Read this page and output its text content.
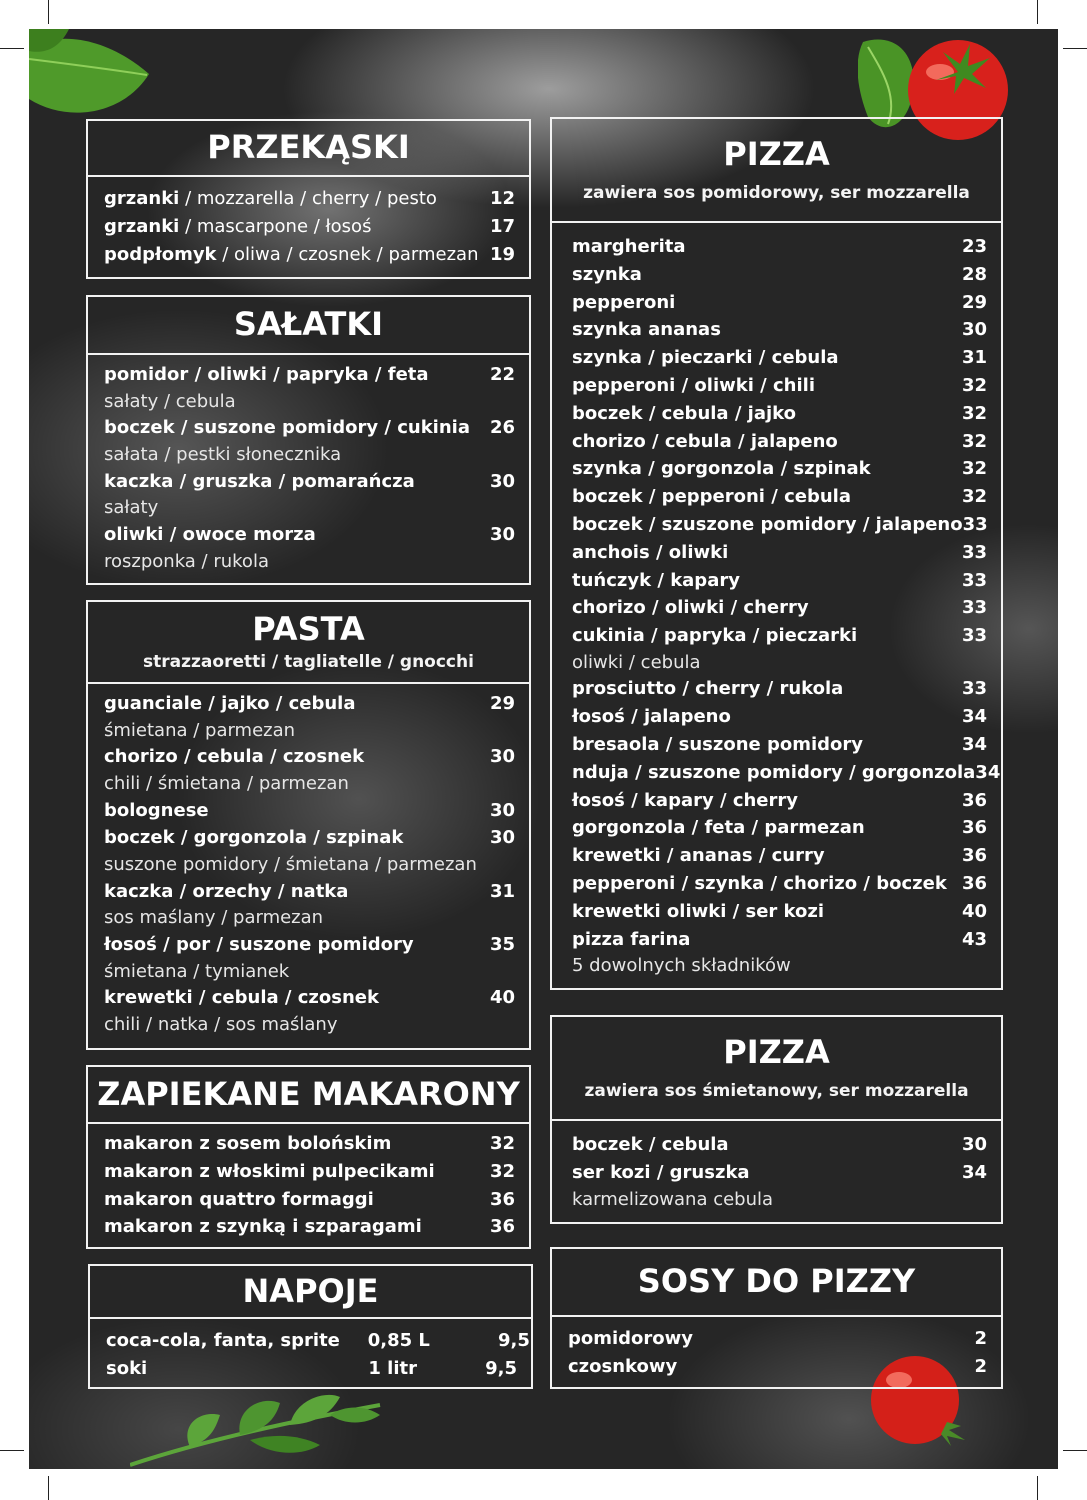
PRZEKĄSKI
grzanki / mozzarella / cherry / pesto	12
grzanki / mascarpone / łosoś	17
podpłomyk / oliwa / czosnek / parmezan 19
SAŁATKI
pomidor / oliwki / papryka / feta	22
sałaty / cebula
boczek / suszone pomidory / cukinia 26
sałata / pestki słonecznika
kaczka / gruszka / pomarańcza	30
sałaty
oliwki / owoce morza	30
roszponka / rukola
PASTA
strazzaoretti / tagliatelle / gnocchi
guanciale / jajko / cebula	29
śmietana / parmezan
chorizo / cebula / czosnek	30
chili / śmietana / parmezan
bolognese	30
boczek / gorgonzola / szpinak	30
suszone pomidory / śmietana / parmezan
kaczka / orzechy / natka	31
sos maślany / parmezan
łosoś / por / suszone pomidory	35
śmietana / tymianek
krewetki / cebula / czosnek	40
chili / natka / sos maślany
ZAPIEKANE MAKARONY
makaron z sosem bolońskim	32
makaron z włoskimi pulpecikami	32
makaron quattro formaggi	36
makaron z szynką i szparagami	36
NAPOJE
coca-cola, fanta, sprite	0,85 L	9,5
soki	1 litr	9,5
PIZZA
zawiera sos pomidorowy, ser mozzarella
margherita	23
szynka	28
pepperoni	29
szynka ananas	30
szynka / pieczarki / cebula	31
pepperoni / oliwki / chili	32
boczek / cebula / jajko	32
chorizo / cebula / jalapeno	32
szynka / gorgonzola / szpinak	32
boczek / pepperoni / cebula	32
boczek / szuszone pomidory / jalapeno 33
anchois / oliwki	33
tuńczyk / kapary	33
chorizo / oliwki / cherry	33
cukinia / papryka / pieczarki	33
oliwki / cebula
prosciutto / cherry / rukola	33
łosoś / jalapeno	34
bresaola / suszone pomidory	34
nduja / szuszone pomidory / gorgonzola 34
łosoś / kapary / cherry	36
gorgonzola / feta / parmezan	36
krewetki / ananas / curry	36
pepperoni / szynka / chorizo / boczek 36
krewetki oliwki / ser kozi	40
pizza farina	43
5 dowolnych składników
PIZZA
zawiera sos śmietanowy, ser mozzarella
boczek / cebula	30
ser kozi / gruszka	34
karmelizowana cebula
SOSY DO PIZZY
pomidorowy	2
czosnkowy	2
